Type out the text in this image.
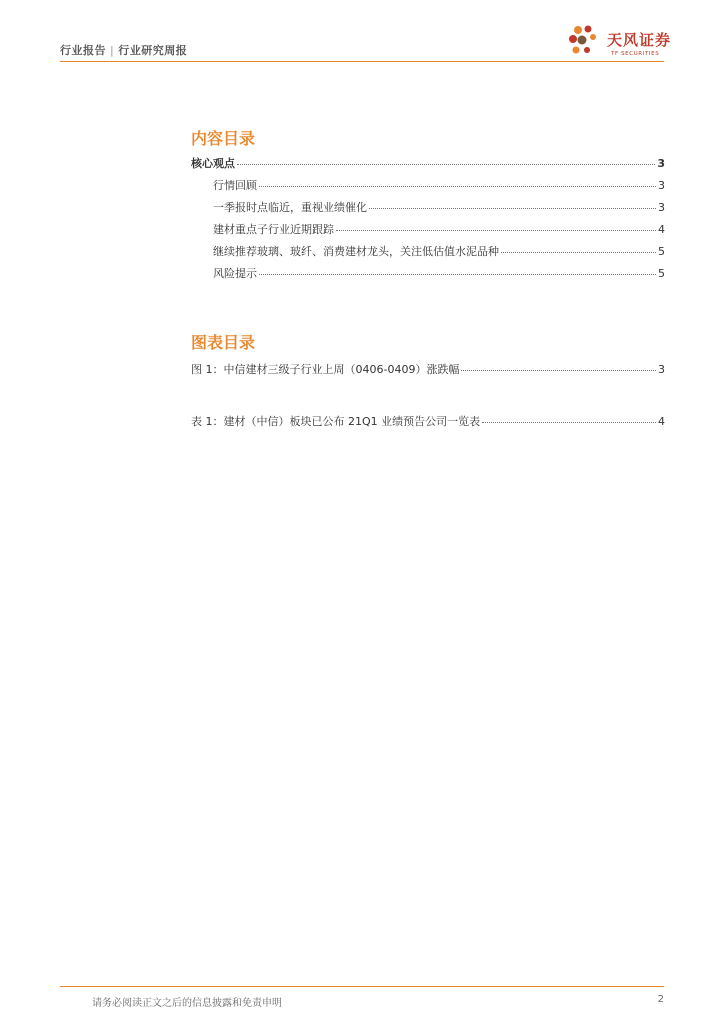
行业报告 | 行业研究周报
天风证券
TF SECURITIES
内容目录
核心观点	3
行情回顾	3
一季报时点临近，重视业绩催化	3
建材重点子行业近期跟踪	4
继续推荐玻璃、玻纤、消费建材龙头，关注低估值水泥品种	5
风险提示	5
图表目录
图 1：中信建材三级子行业上周（0406-0409）涨跌幅	3
表 1：建材（中信）板块已公布 21Q1 业绩预告公司一览表	4
请务必阅读正文之后的信息披露和免责申明	2
